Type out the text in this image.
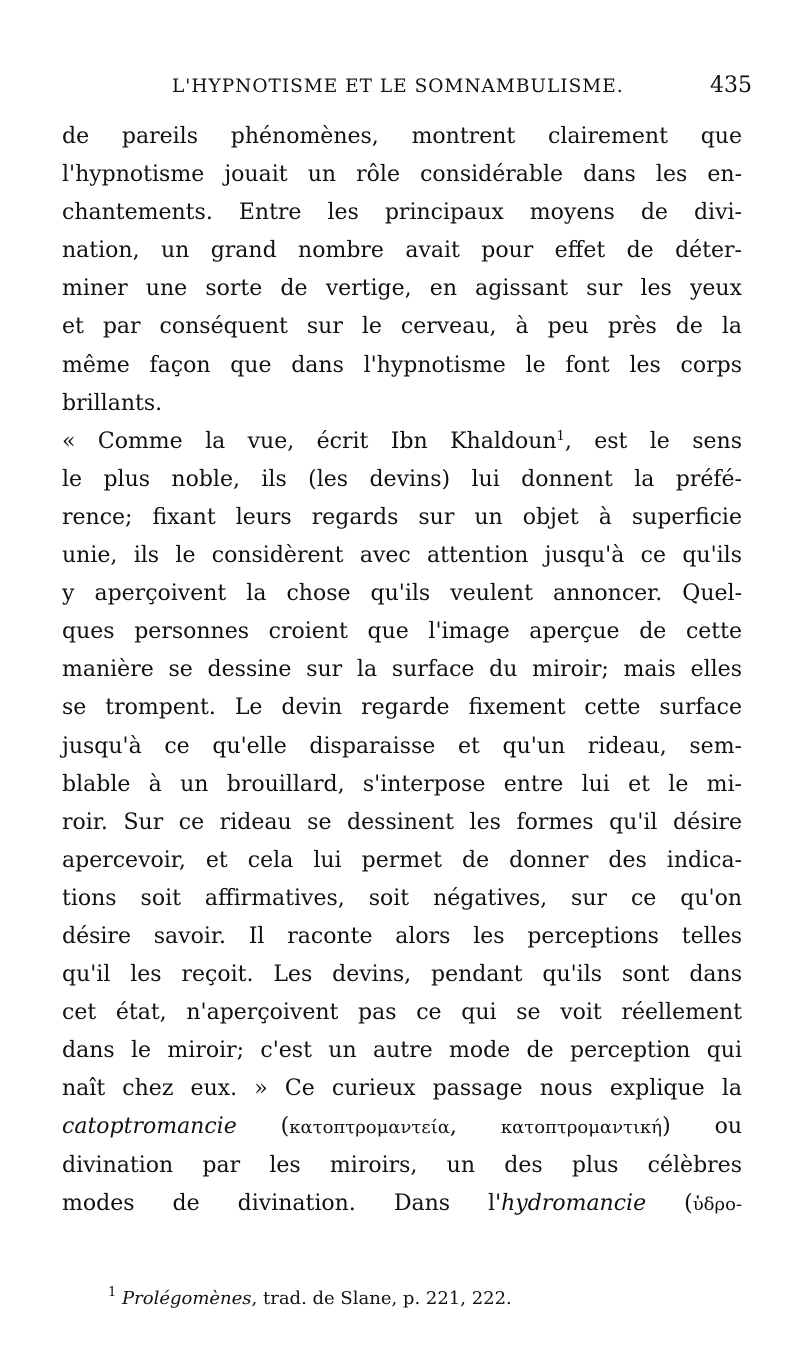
L'HYPNOTISME ET LE SOMNAMBULISME.	435
de pareils phénomènes, montrent clairement que
l'hypnotisme jouait un rôle considérable dans les en-
chantements. Entre les principaux moyens de divi-
nation, un grand nombre avait pour effet de déter-
miner une sorte de vertige, en agissant sur les yeux
et par conséquent sur le cerveau, à peu près de la
même façon que dans l'hypnotisme le font les corps
brillants.
« Comme la vue, écrit Ibn Khaldoun$^1$, est le sens
le plus noble, ils (les devins) lui donnent la préfé-
rence; fixant leurs regards sur un objet à superficie
unie, ils le considèrent avec attention jusqu'à ce qu'ils
y aperçoivent la chose qu'ils veulent annoncer. Quel-
ques personnes croient que l'image aperçue de cette
manière se dessine sur la surface du miroir; mais elles
se trompent. Le devin regarde fixement cette surface
jusqu'à ce qu'elle disparaisse et qu'un rideau, sem-
blable à un brouillard, s'interpose entre lui et le mi-
roir. Sur ce rideau se dessinent les formes qu'il désire
apercevoir, et cela lui permet de donner des indica-
tions soit affirmatives, soit négatives, sur ce qu'on
désire savoir. Il raconte alors les perceptions telles
qu'il les reçoit. Les devins, pendant qu'ils sont dans
cet état, n'aperçoivent pas ce qui se voit réellement
dans le miroir; c'est un autre mode de perception qui
naît chez eux. » Ce curieux passage nous explique la
catoptromancie (κατοπτρομαντεία, κατοπτρομαντική) ou
divination par les miroirs, un des plus célèbres
modes de divination. Dans l'hydromancie (ὑδρο-
$^1$ Prolégomènes, trad. de Slane, p. 221, 222.
